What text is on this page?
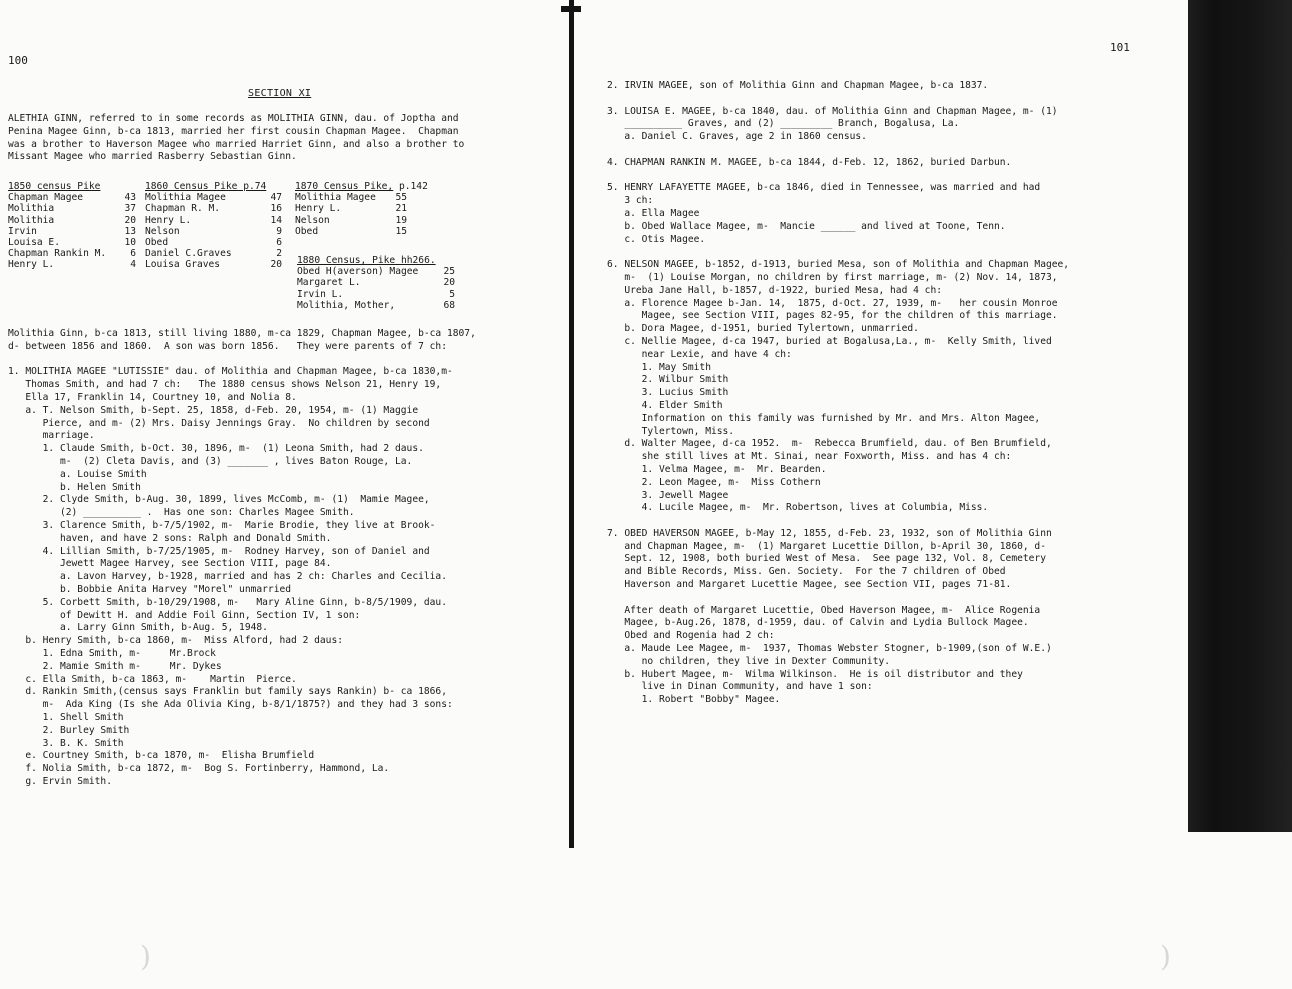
)	)
100
SECTION XI
ALETHIA GINN, referred to in some records as MOLITHIA GINN, dau. of Joptha and
Penina Magee Ginn, b-ca 1813, married her first cousin Chapman Magee.  Chapman
was a brother to Haverson Magee who married Harriet Ginn, and also a brother to
Missant Magee who married Rasberry Sebastian Ginn.
1850 census Pike
Chapman Magee	43
Molithia	37
Molithia	20
Irvin	13
Louisa E.	10
Chapman Rankin M.	6
Henry L.	4
1860 Census Pike p.74
Molithia Magee	47
Chapman R. M.	16
Henry L.	14
Nelson	9
Obed	6
Daniel C.Graves	2
Louisa Graves	20
1870 Census Pike, p.142
Molithia Magee	55
Henry L.	21
Nelson	19
Obed	15
1880 Census, Pike hh266.
Obed H(averson) Magee	25
Margaret L.	20
Irvin L.	5
Molithia, Mother,	68
Molithia Ginn, b-ca 1813, still living 1880, m-ca 1829, Chapman Magee, b-ca 1807,
d- between 1856 and 1860.  A son was born 1856.   They were parents of 7 ch:

1. MOLITHIA MAGEE "LUTISSIE" dau. of Molithia and Chapman Magee, b-ca 1830,m-
Thomas Smith, and had 7 ch:   The 1880 census shows Nelson 21, Henry 19,
Ella 17, Franklin 14, Courtney 10, and Nolia 8.
a. T. Nelson Smith, b-Sept. 25, 1858, d-Feb. 20, 1954, m- (1) Maggie
Pierce, and m- (2) Mrs. Daisy Jennings Gray.  No children by second
marriage.
1. Claude Smith, b-Oct. 30, 1896, m-  (1) Leona Smith, had 2 daus.
m-  (2) Cleta Davis, and (3) _______ , lives Baton Rouge, La.
a. Louise Smith
b. Helen Smith
2. Clyde Smith, b-Aug. 30, 1899, lives McComb, m- (1)  Mamie Magee,
(2) __________ .  Has one son: Charles Magee Smith.
3. Clarence Smith, b-7/5/1902, m-  Marie Brodie, they live at Brook-
haven, and have 2 sons: Ralph and Donald Smith.
4. Lillian Smith, b-7/25/1905, m-  Rodney Harvey, son of Daniel and
Jewett Magee Harvey, see Section VIII, page 84.
a. Lavon Harvey, b-1928, married and has 2 ch: Charles and Cecilia.
b. Bobbie Anita Harvey "Morel" unmarried
5. Corbett Smith, b-10/29/1908, m-   Mary Aline Ginn, b-8/5/1909, dau.
of Dewitt H. and Addie Foil Ginn, Section IV, 1 son:
a. Larry Ginn Smith, b-Aug. 5, 1948.
b. Henry Smith, b-ca 1860, m-  Miss Alford, had 2 daus:
1. Edna Smith, m-     Mr.Brock
2. Mamie Smith m-     Mr. Dykes
c. Ella Smith, b-ca 1863, m-    Martin  Pierce.
d. Rankin Smith,(census says Franklin but family says Rankin) b- ca 1866,
m-  Ada King (Is she Ada Olivia King, b-8/1/1875?) and they had 3 sons:
1. Shell Smith
2. Burley Smith
3. B. K. Smith
e. Courtney Smith, b-ca 1870, m-  Elisha Brumfield
f. Nolia Smith, b-ca 1872, m-  Bog S. Fortinberry, Hammond, La.
g. Ervin Smith.
101
2. IRVIN MAGEE, son of Molithia Ginn and Chapman Magee, b-ca 1837.

3. LOUISA E. MAGEE, b-ca 1840, dau. of Molithia Ginn and Chapman Magee, m- (1)
__________ Graves, and (2) _________ Branch, Bogalusa, La.
a. Daniel C. Graves, age 2 in 1860 census.

4. CHAPMAN RANKIN M. MAGEE, b-ca 1844, d-Feb. 12, 1862, buried Darbun.

5. HENRY LAFAYETTE MAGEE, b-ca 1846, died in Tennessee, was married and had
3 ch:
a. Ella Magee
b. Obed Wallace Magee, m-  Mancie ______ and lived at Toone, Tenn.
c. Otis Magee.

6. NELSON MAGEE, b-1852, d-1913, buried Mesa, son of Molithia and Chapman Magee,
m-  (1) Louise Morgan, no children by first marriage, m- (2) Nov. 14, 1873,
Ureba Jane Hall, b-1857, d-1922, buried Mesa, had 4 ch:
a. Florence Magee b-Jan. 14,  1875, d-Oct. 27, 1939, m-   her cousin Monroe
Magee, see Section VIII, pages 82-95, for the children of this marriage.
b. Dora Magee, d-1951, buried Tylertown, unmarried.
c. Nellie Magee, d-ca 1947, buried at Bogalusa,La., m-  Kelly Smith, lived
near Lexie, and have 4 ch:
1. May Smith
2. Wilbur Smith
3. Lucius Smith
4. Elder Smith
Information on this family was furnished by Mr. and Mrs. Alton Magee,
Tylertown, Miss.
d. Walter Magee, d-ca 1952.  m-  Rebecca Brumfield, dau. of Ben Brumfield,
she still lives at Mt. Sinai, near Foxworth, Miss. and has 4 ch:
1. Velma Magee, m-  Mr. Bearden.
2. Leon Magee, m-  Miss Cothern
3. Jewell Magee
4. Lucile Magee, m-  Mr. Robertson, lives at Columbia, Miss.

7. OBED HAVERSON MAGEE, b-May 12, 1855, d-Feb. 23, 1932, son of Molithia Ginn
and Chapman Magee, m-  (1) Margaret Lucettie Dillon, b-April 30, 1860, d-
Sept. 12, 1908, both buried West of Mesa.  See page 132, Vol. 8, Cemetery
and Bible Records, Miss. Gen. Society.  For the 7 children of Obed
Haverson and Margaret Lucettie Magee, see Section VII, pages 71-81.

After death of Margaret Lucettie, Obed Haverson Magee, m-  Alice Rogenia
Magee, b-Aug.26, 1878, d-1959, dau. of Calvin and Lydia Bullock Magee.
Obed and Rogenia had 2 ch:
a. Maude Lee Magee, m-  1937, Thomas Webster Stogner, b-1909,(son of W.E.)
no children, they live in Dexter Community.
b. Hubert Magee, m-  Wilma Wilkinson.  He is oil distributor and they
live in Dinan Community, and have 1 son:
1. Robert "Bobby" Magee.
